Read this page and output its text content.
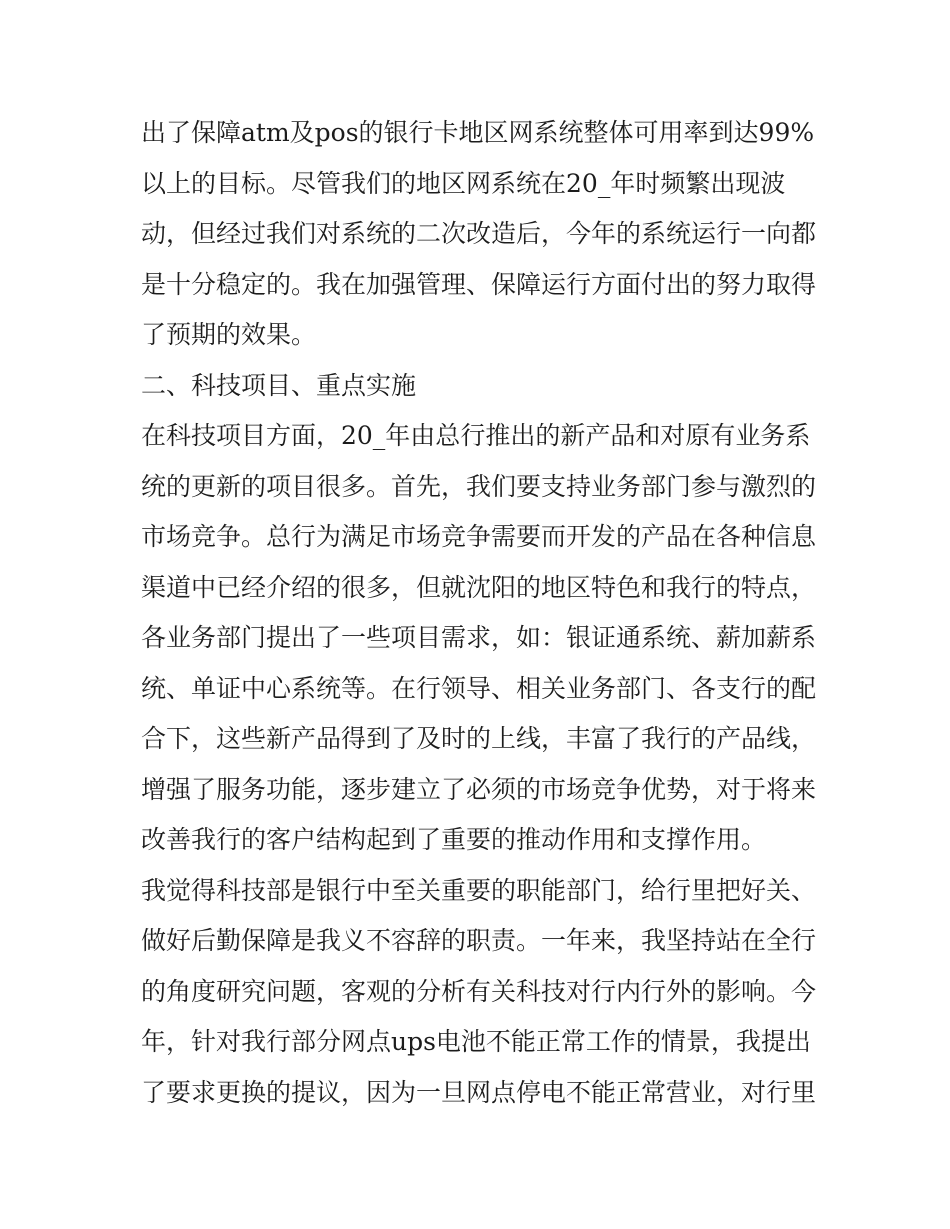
出了保障atm及pos的银行卡地区网系统整体可用率到达99%
以上的目标。尽管我们的地区网系统在20_年时频繁出现波
动，但经过我们对系统的二次改造后，今年的系统运行一向都
是十分稳定的。我在加强管理、保障运行方面付出的努力取得
了预期的效果。
二、科技项目、重点实施
在科技项目方面，20_年由总行推出的新产品和对原有业务系
统的更新的项目很多。首先，我们要支持业务部门参与激烈的
市场竞争。总行为满足市场竞争需要而开发的产品在各种信息
渠道中已经介绍的很多，但就沈阳的地区特色和我行的特点，
各业务部门提出了一些项目需求，如：银证通系统、薪加薪系
统、单证中心系统等。在行领导、相关业务部门、各支行的配
合下，这些新产品得到了及时的上线，丰富了我行的产品线，
增强了服务功能，逐步建立了必须的市场竞争优势，对于将来
改善我行的客户结构起到了重要的推动作用和支撑作用。
我觉得科技部是银行中至关重要的职能部门，给行里把好关、
做好后勤保障是我义不容辞的职责。一年来，我坚持站在全行
的角度研究问题，客观的分析有关科技对行内行外的影响。今
年，针对我行部分网点ups电池不能正常工作的情景，我提出
了要求更换的提议，因为一旦网点停电不能正常营业，对行里
